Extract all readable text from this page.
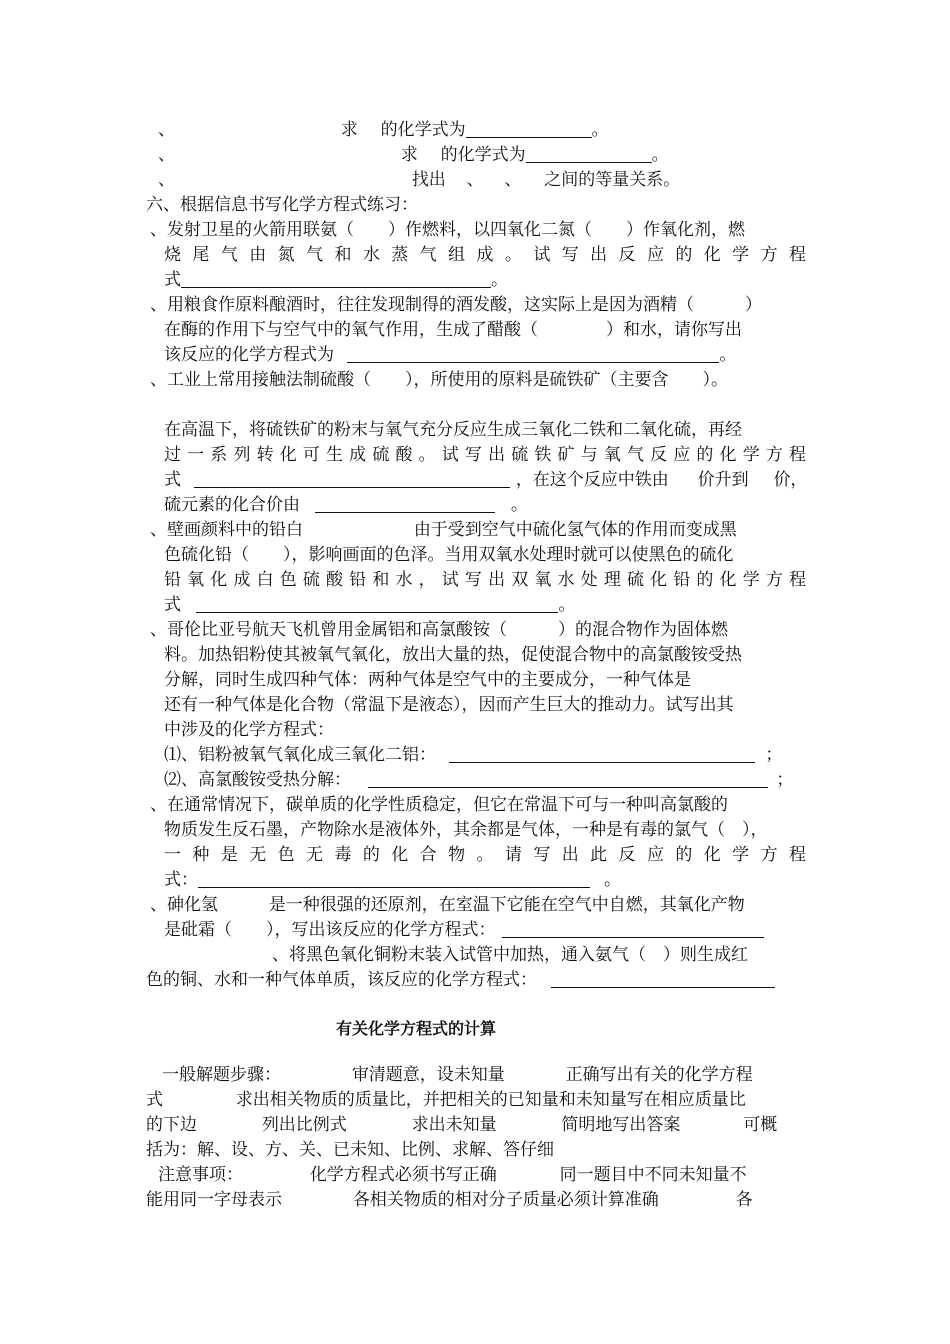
、	求 的化学式为	。
、	求 的化学式为	。
、	找出 、 、 之间的等量关系。
六、根据信息书写化学方程式练习：
、发射卫星的火箭用联氨（　　）作燃料，以四氧化二氮（　　）作氧化剂，燃
烧尾气由氮气和水蒸气组成。试写出反应的化学方程
式	。
、用粮食作原料酿酒时，往往发现制得的酒发酸，这实际上是因为酒精（　　　）
在酶的作用下与空气中的氧气作用，生成了醋酸（　　　　）和水，请你写出
该反应的化学方程式为	。
、工业上常用接触法制硫酸（　　），所使用的原料是硫铁矿（主要含　　）。
在高温下，将硫铁矿的粉末与氧气充分反应生成三氧化二铁和二氧化硫，再经
过一系列转化可生成硫酸。试写出硫铁矿与氧气反应的化学方程
式	，在这个反应中铁由 价升到 价，
硫元素的化合价由	。
、壁画颜料中的铅白	由于受到空气中硫化氢气体的作用而变成黑
色硫化铅（　　），影响画面的色泽。当用双氧水处理时就可以使黑色的硫化
铅氧化成白色硫酸铅和水，试写出双氧水处理硫化铅的化学方程
式	。
、哥伦比亚号航天飞机曾用金属铝和高氯酸铵（　　　）的混合物作为固体燃
料。加热铝粉使其被氧气氧化，放出大量的热，促使混合物中的高氯酸铵受热
分解，同时生成四种气体：两种气体是空气中的主要成分，一种气体是
还有一种气体是化合物（常温下是液态），因而产生巨大的推动力。试写出其
中涉及的化学方程式：
⑴、铝粉被氧气氧化成三氧化二铝：	；
⑵、高氯酸铵受热分解：	；
、在通常情况下，碳单质的化学性质稳定，但它在常温下可与一种叫高氯酸的
物质发生反石墨，产物除水是液体外，其余都是气体，一种是有毒的氯气（　），
一种是无色无毒的化合物。请写出此反应的化学方程
式：	。
、砷化氢	是一种很强的还原剂，在室温下它能在空气中自燃，其氧化产物
是砒霜（　　），写出该反应的化学方程式：
、将黑色氧化铜粉末装入试管中加热，通入氨气（　）则生成红
色的铜、水和一种气体单质，该反应的化学方程式：
有关化学方程式的计算
一般解题步骤：	审清题意，设未知量	正确写出有关的化学方程
式	求出相关物质的质量比，并把相关的已知量和未知量写在相应质量比
的下边	列出比例式	求出未知量	简明地写出答案	可概
括为：解、设、方、关、已未知、比例、求解、答仔细
注意事项：	化学方程式必须书写正确	同一题目中不同未知量不
能用同一字母表示	各相关物质的相对分子质量必须计算准确	各
